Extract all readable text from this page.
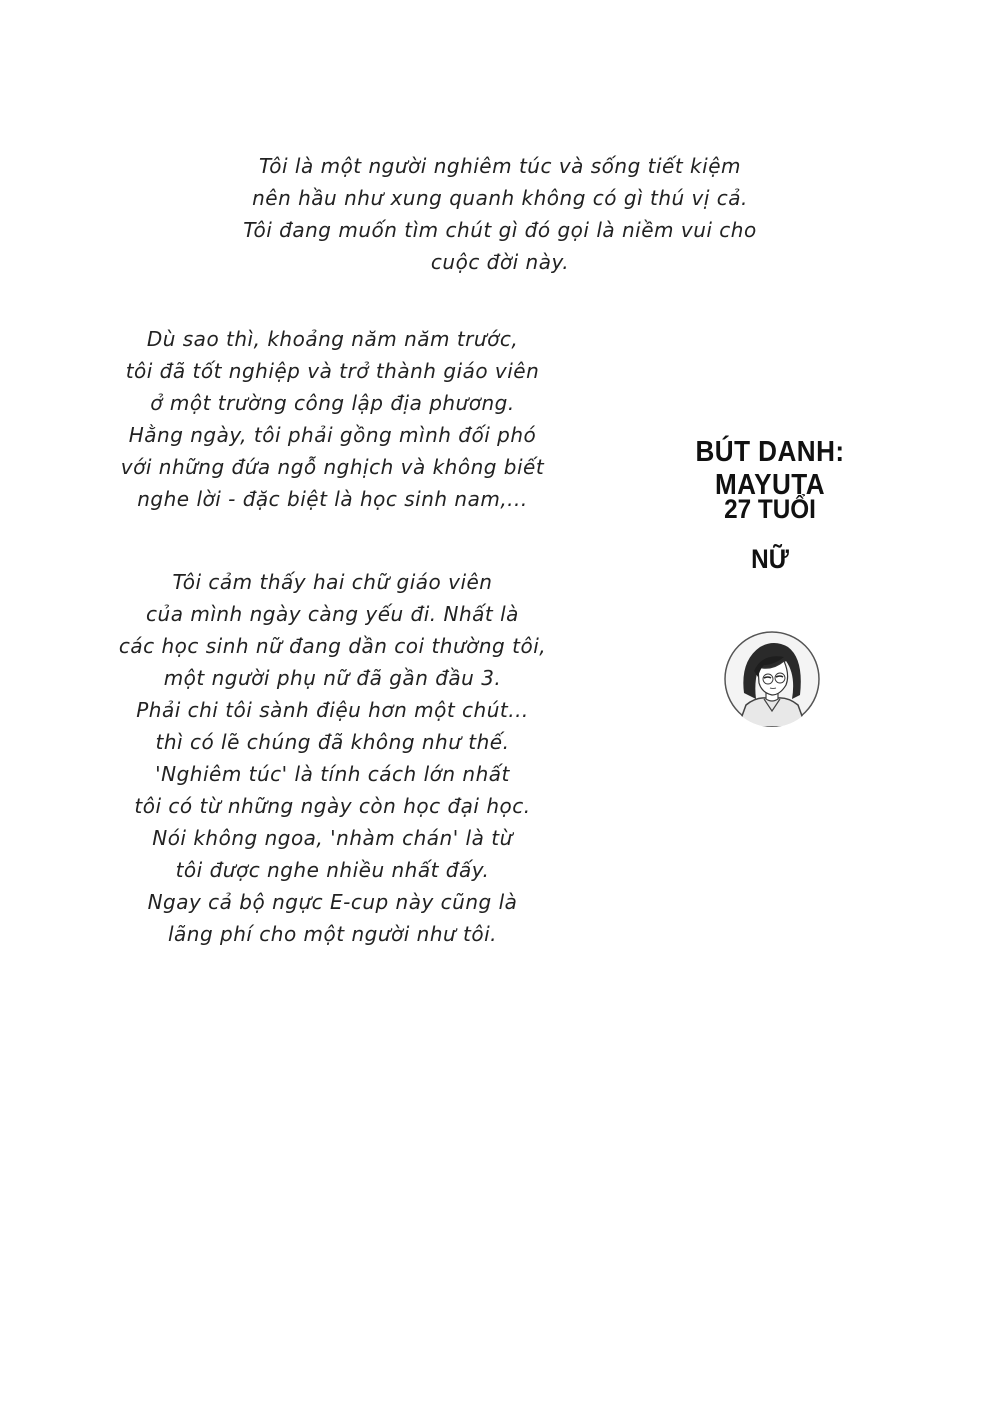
Tôi là một người nghiêm túc và sống tiết kiệm
nên hầu như xung quanh không có gì thú vị cả.
Tôi đang muốn tìm chút gì đó gọi là niềm vui cho
cuộc đời này.
Dù sao thì, khoảng năm năm trước,
tôi đã tốt nghiệp và trở thành giáo viên
ở một trường công lập địa phương.
Hằng ngày, tôi phải gồng mình đối phó
với những đứa ngỗ nghịch và không biết
nghe lời - đặc biệt là học sinh nam,...
Tôi cảm thấy hai chữ giáo viên
của mình ngày càng yếu đi. Nhất là
các học sinh nữ đang dần coi thường tôi,
một người phụ nữ đã gần đầu 3.
Phải chi tôi sành điệu hơn một chút...
thì có lẽ chúng đã không như thế.
'Nghiêm túc' là tính cách lớn nhất
tôi có từ những ngày còn học đại học.
Nói không ngoa, 'nhàm chán' là từ
tôi được nghe nhiều nhất đấy.
Ngay cả bộ ngực E-cup này cũng là
lãng phí cho một người như tôi.
BÚT DANH: MAYUTA
27 TUỔI
NỮ
